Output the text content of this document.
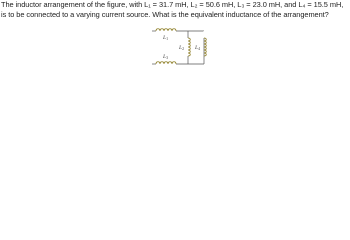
The inductor arrangement of the figure, with L₁ = 31.7 mH, L₂ = 50.6 mH, L₃ = 23.0 mH, and L₄ = 15.5 mH, is to be connected to a varying current source. What is the equivalent inductance of the arrangement?
L1
L2
L3
L4
